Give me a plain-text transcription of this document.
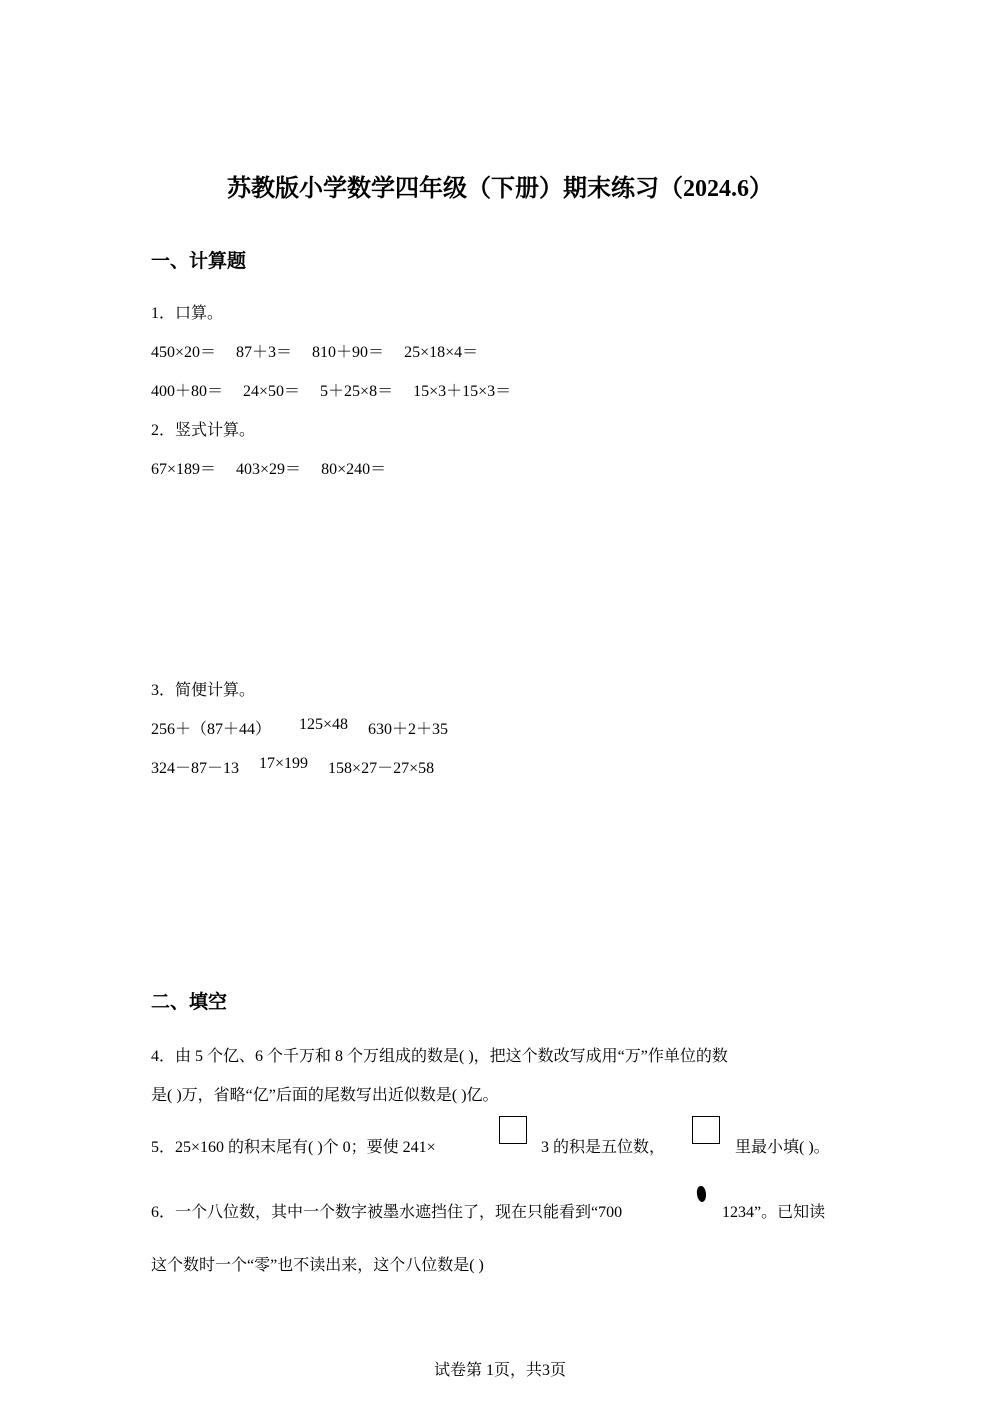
苏教版小学数学四年级（下册）期末练习（2024.6）
一、计算题
1．口算。
450×20＝ 87＋3＝ 810＋90＝ 25×18×4＝
400＋80＝ 24×50＝ 5＋25×8＝ 15×3＋15×3＝
2．竖式计算。
67×189＝ 403×29＝ 80×240＝
3．简便计算。
256＋（87＋44） 125×48 630＋2＋35
324－87－13 17×199 158×27－27×58
二、填空
4．由 5 个亿、6 个千万和 8 个万组成的数是( )，把这个数改写成用“万”作单位的数
是( )万，省略“亿”后面的尾数写出近似数是( )亿。
5．25×160 的积末尾有( )个 0；要使 241×	3 的积是五位数，	里最小填( )。
6．一个八位数，其中一个数字被墨水遮挡住了，现在只能看到“700	1234”。已知读
这个数时一个“零”也不读出来，这个八位数是( )
试卷第 1页，共3页
